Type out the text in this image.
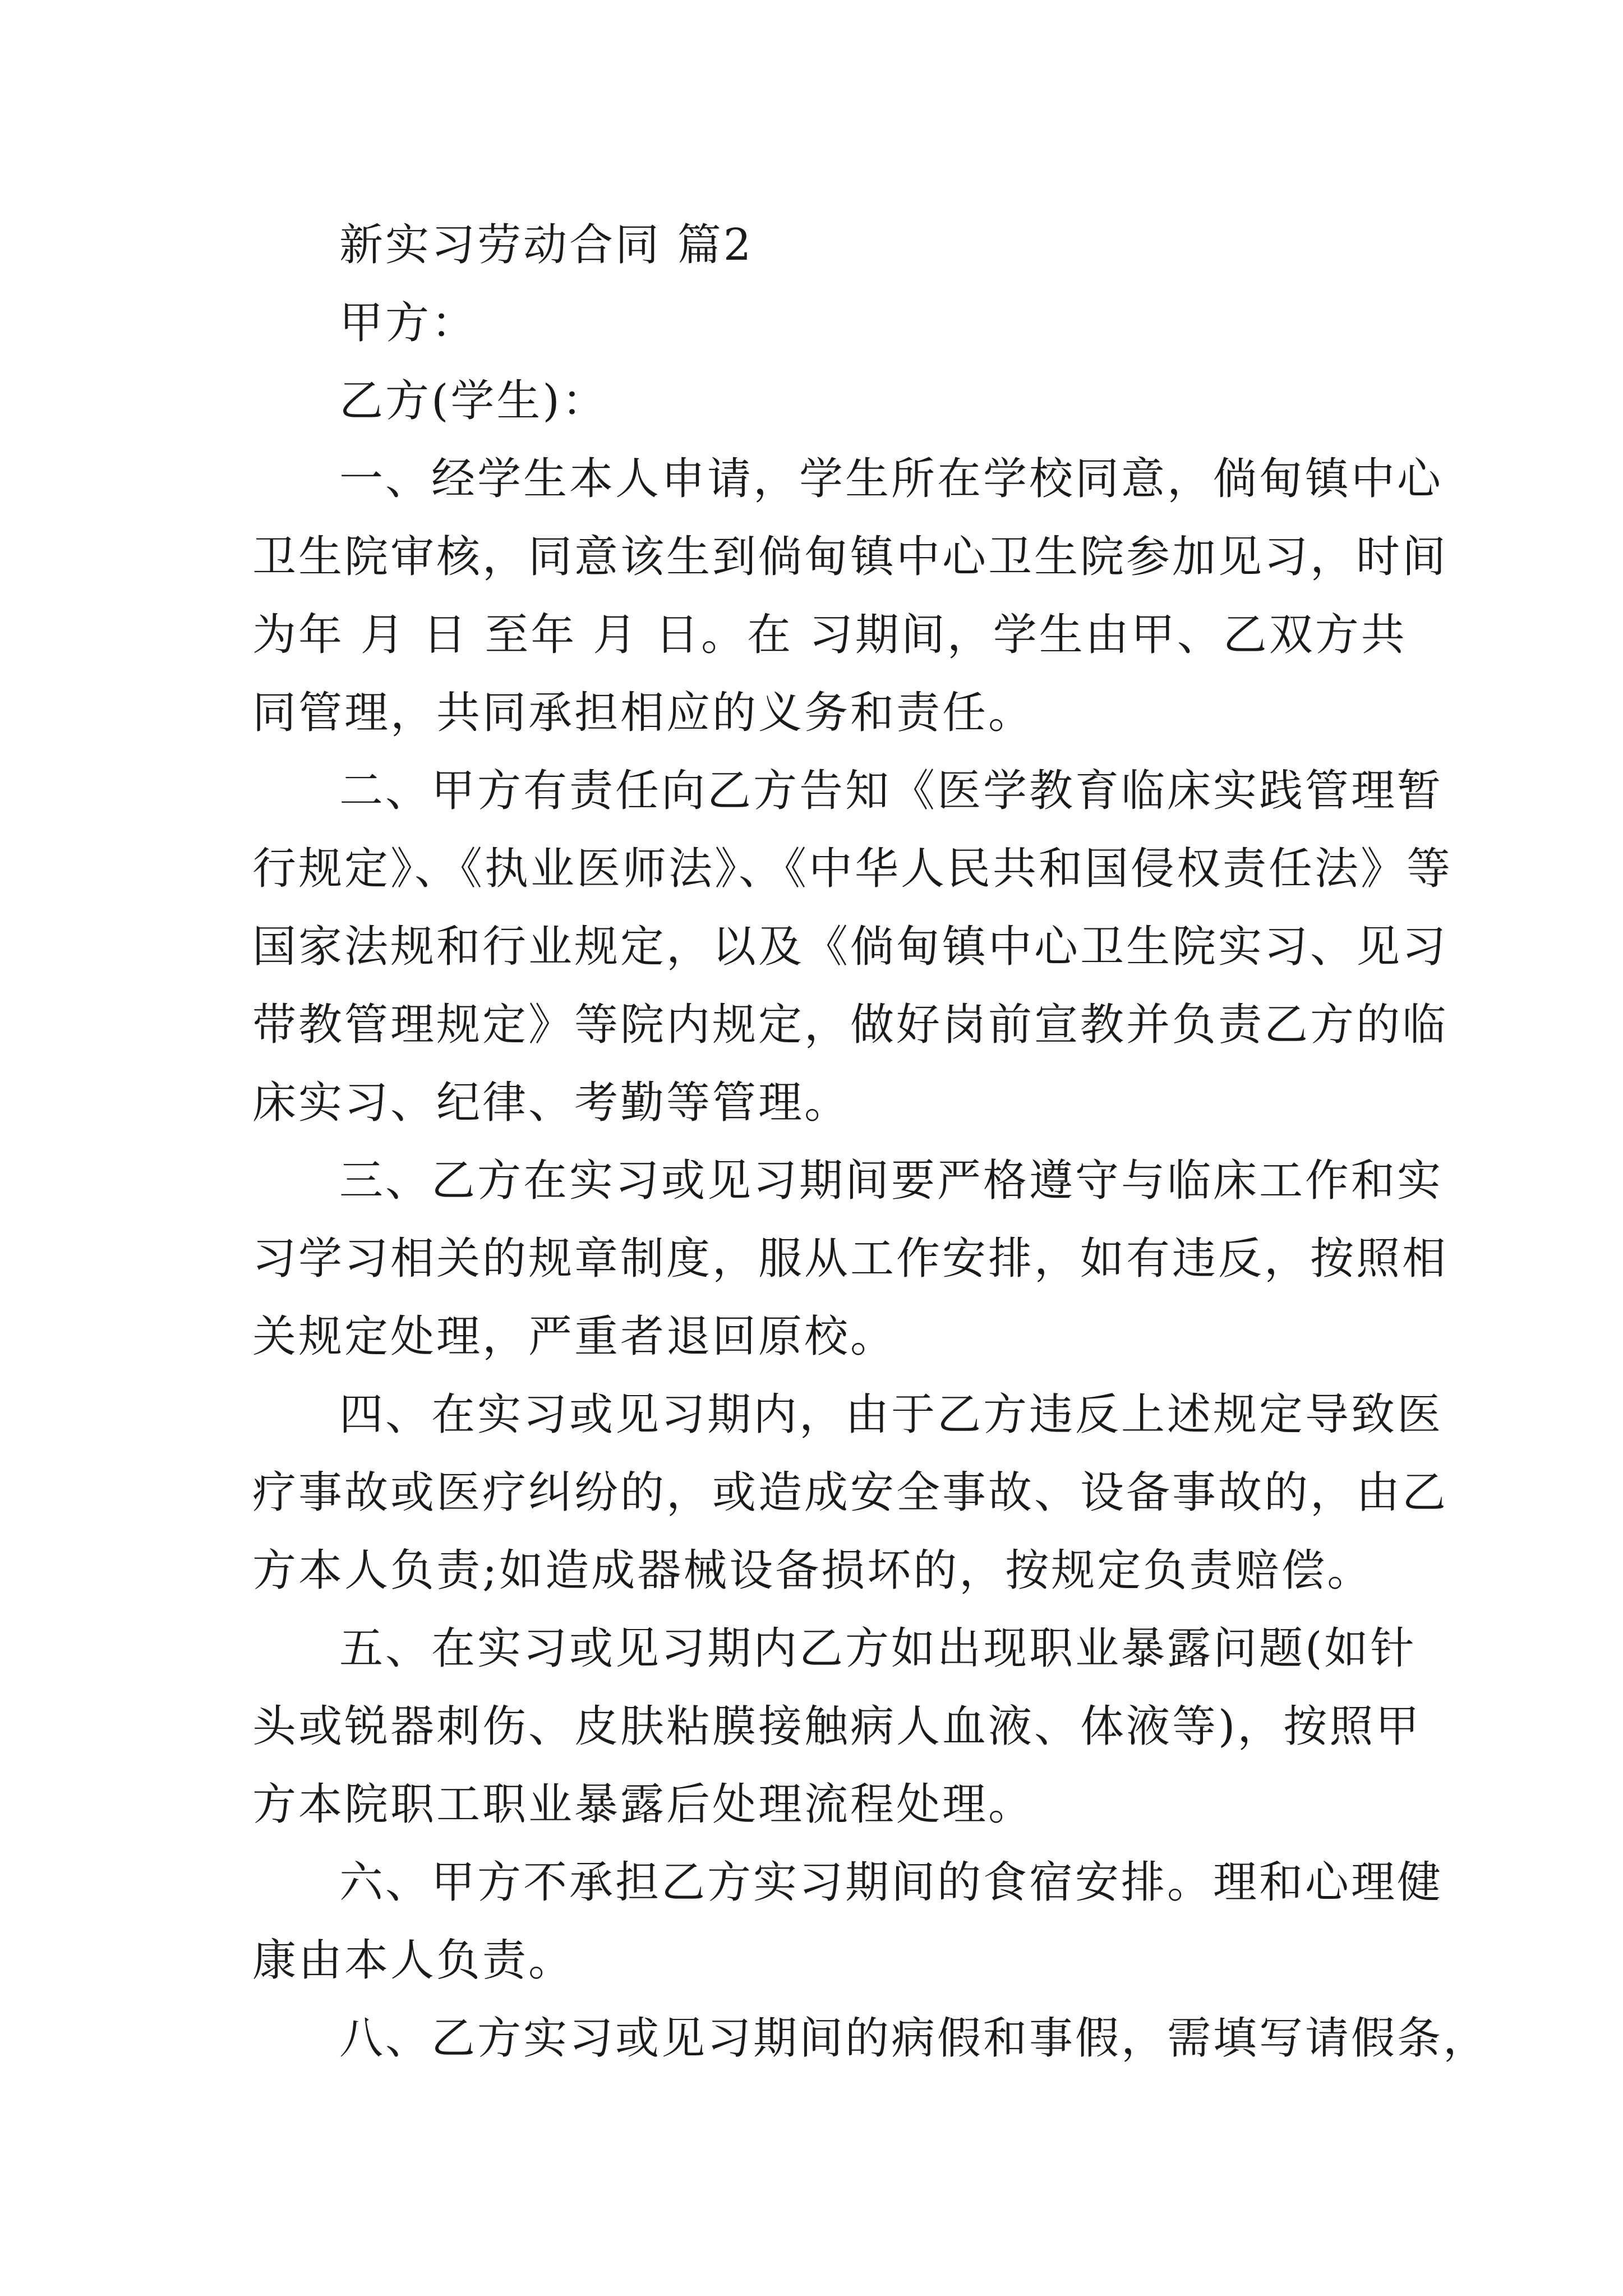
新实习劳动合同 篇2

甲方：

乙方(学生)：

一、经学生本人申请，学生所在学校同意，倘甸镇中心

卫生院审核，同意该生到倘甸镇中心卫生院参加见习，时间

为年 月 日 至年 月 日。在 习期间，学生由甲、乙双方共

同管理，共同承担相应的义务和责任。

二、甲方有责任向乙方告知《医学教育临床实践管理暂

行规定》、《执业医师法》、《中华人民共和国侵权责任法》等

国家法规和行业规定，以及《倘甸镇中心卫生院实习、见习

带教管理规定》等院内规定，做好岗前宣教并负责乙方的临

床实习、纪律、考勤等管理。

三、乙方在实习或见习期间要严格遵守与临床工作和实

习学习相关的规章制度，服从工作安排，如有违反，按照相

关规定处理，严重者退回原校。

四、在实习或见习期内，由于乙方违反上述规定导致医

疗事故或医疗纠纷的，或造成安全事故、设备事故的，由乙

方本人负责;如造成器械设备损坏的，按规定负责赔偿。

五、在实习或见习期内乙方如出现职业暴露问题(如针

头或锐器刺伤、皮肤粘膜接触病人血液、体液等)，按照甲

方本院职工职业暴露后处理流程处理。

六、甲方不承担乙方实习期间的食宿安排。理和心理健

康由本人负责。

八、乙方实习或见习期间的病假和事假，需填写请假条，
